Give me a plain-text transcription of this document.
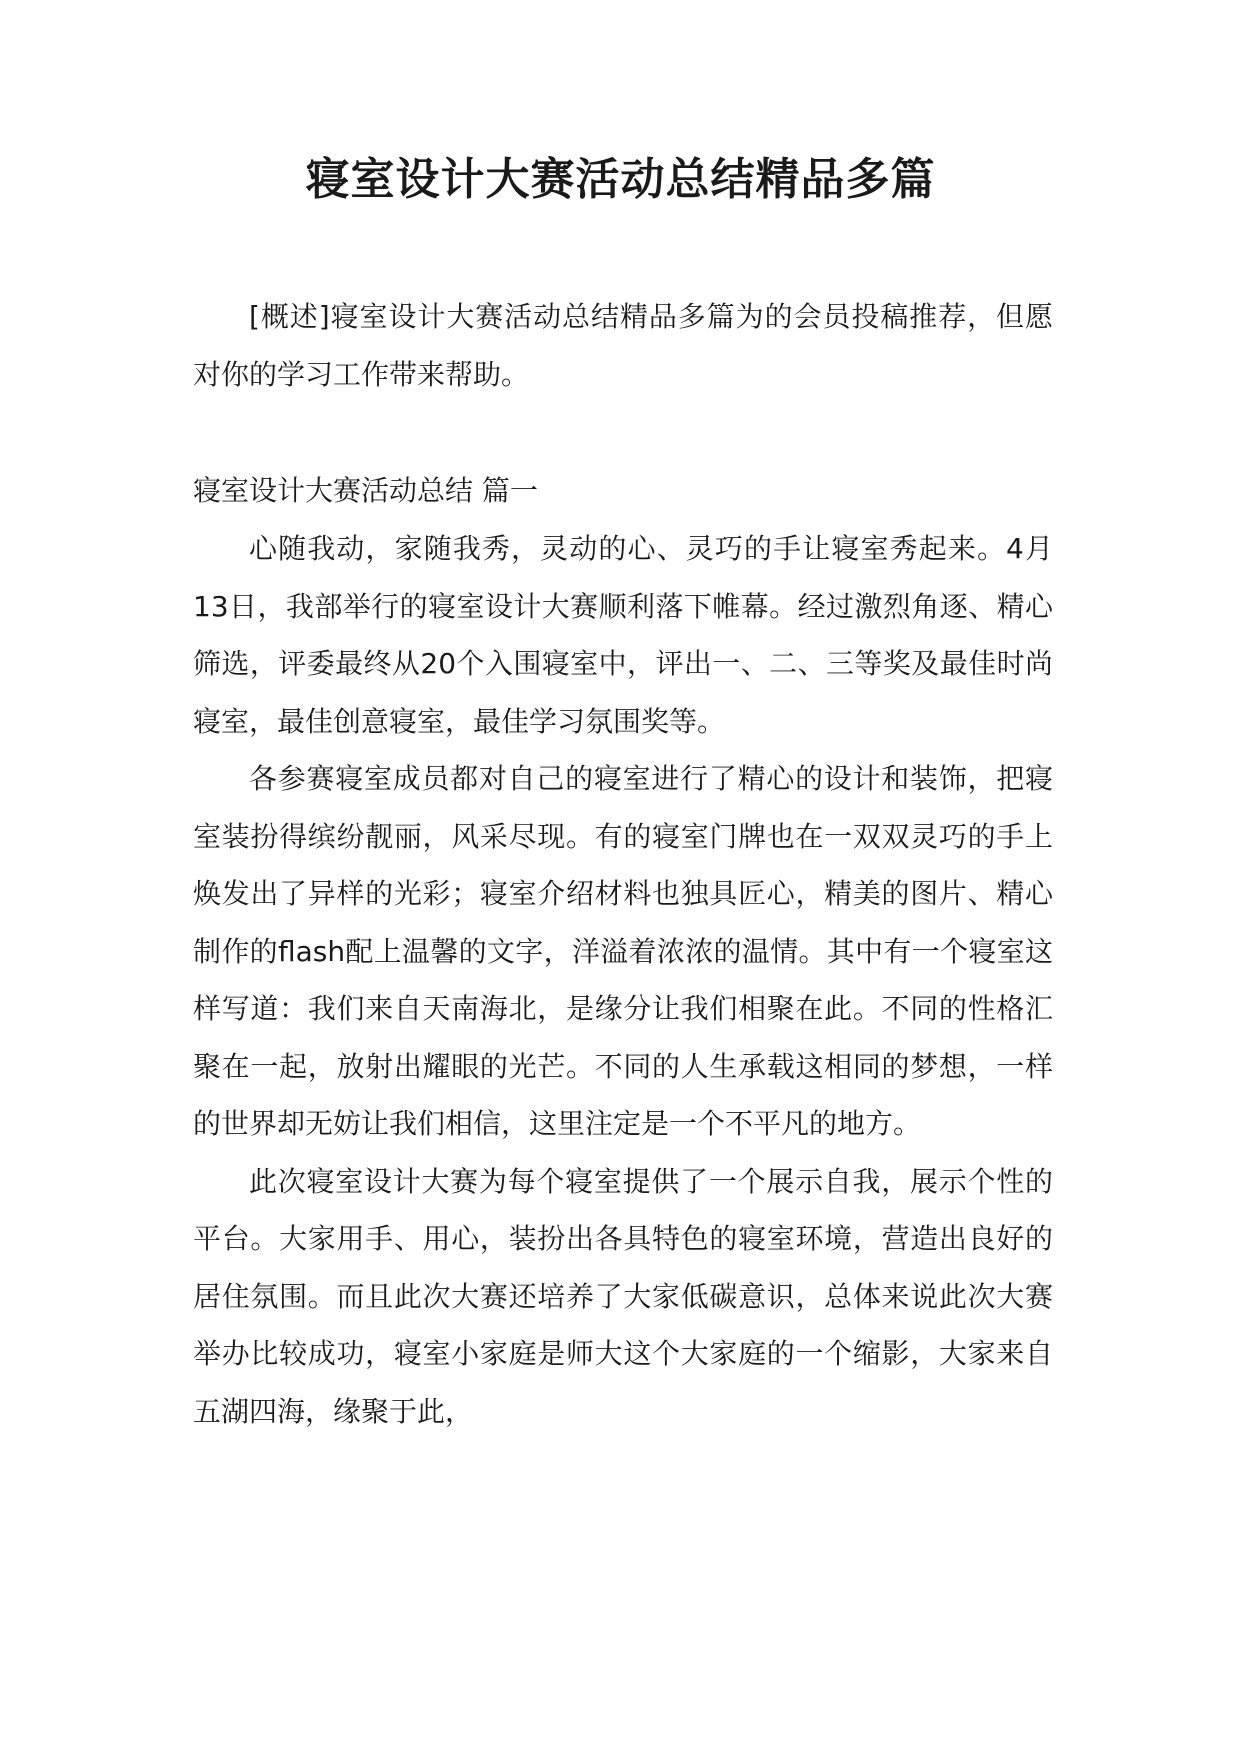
寝室设计大赛活动总结精品多篇

[概述]寝室设计大赛活动总结精品多篇为的会员投稿推荐，但愿对你的学习工作带来帮助。

寝室设计大赛活动总结 篇一

心随我动，家随我秀，灵动的心、灵巧的手让寝室秀起来。4月13日，我部举行的寝室设计大赛顺利落下帷幕。经过激烈角逐、精心筛选，评委最终从20个入围寝室中，评出一、二、三等奖及最佳时尚寝室，最佳创意寝室，最佳学习氛围奖等。

各参赛寝室成员都对自己的寝室进行了精心的设计和装饰，把寝室装扮得缤纷靓丽，风采尽现。有的寝室门牌也在一双双灵巧的手上焕发出了异样的光彩；寝室介绍材料也独具匠心，精美的图片、精心制作的flash配上温馨的文字，洋溢着浓浓的温情。其中有一个寝室这样写道：我们来自天南海北，是缘分让我们相聚在此。不同的性格汇聚在一起，放射出耀眼的光芒。不同的人生承载这相同的梦想，一样的世界却无妨让我们相信，这里注定是一个不平凡的地方。

此次寝室设计大赛为每个寝室提供了一个展示自我，展示个性的平台。大家用手、用心，装扮出各具特色的寝室环境，营造出良好的居住氛围。而且此次大赛还培养了大家低碳意识，总体来说此次大赛举办比较成功，寝室小家庭是师大这个大家庭的一个缩影，大家来自五湖四海，缘聚于此，
